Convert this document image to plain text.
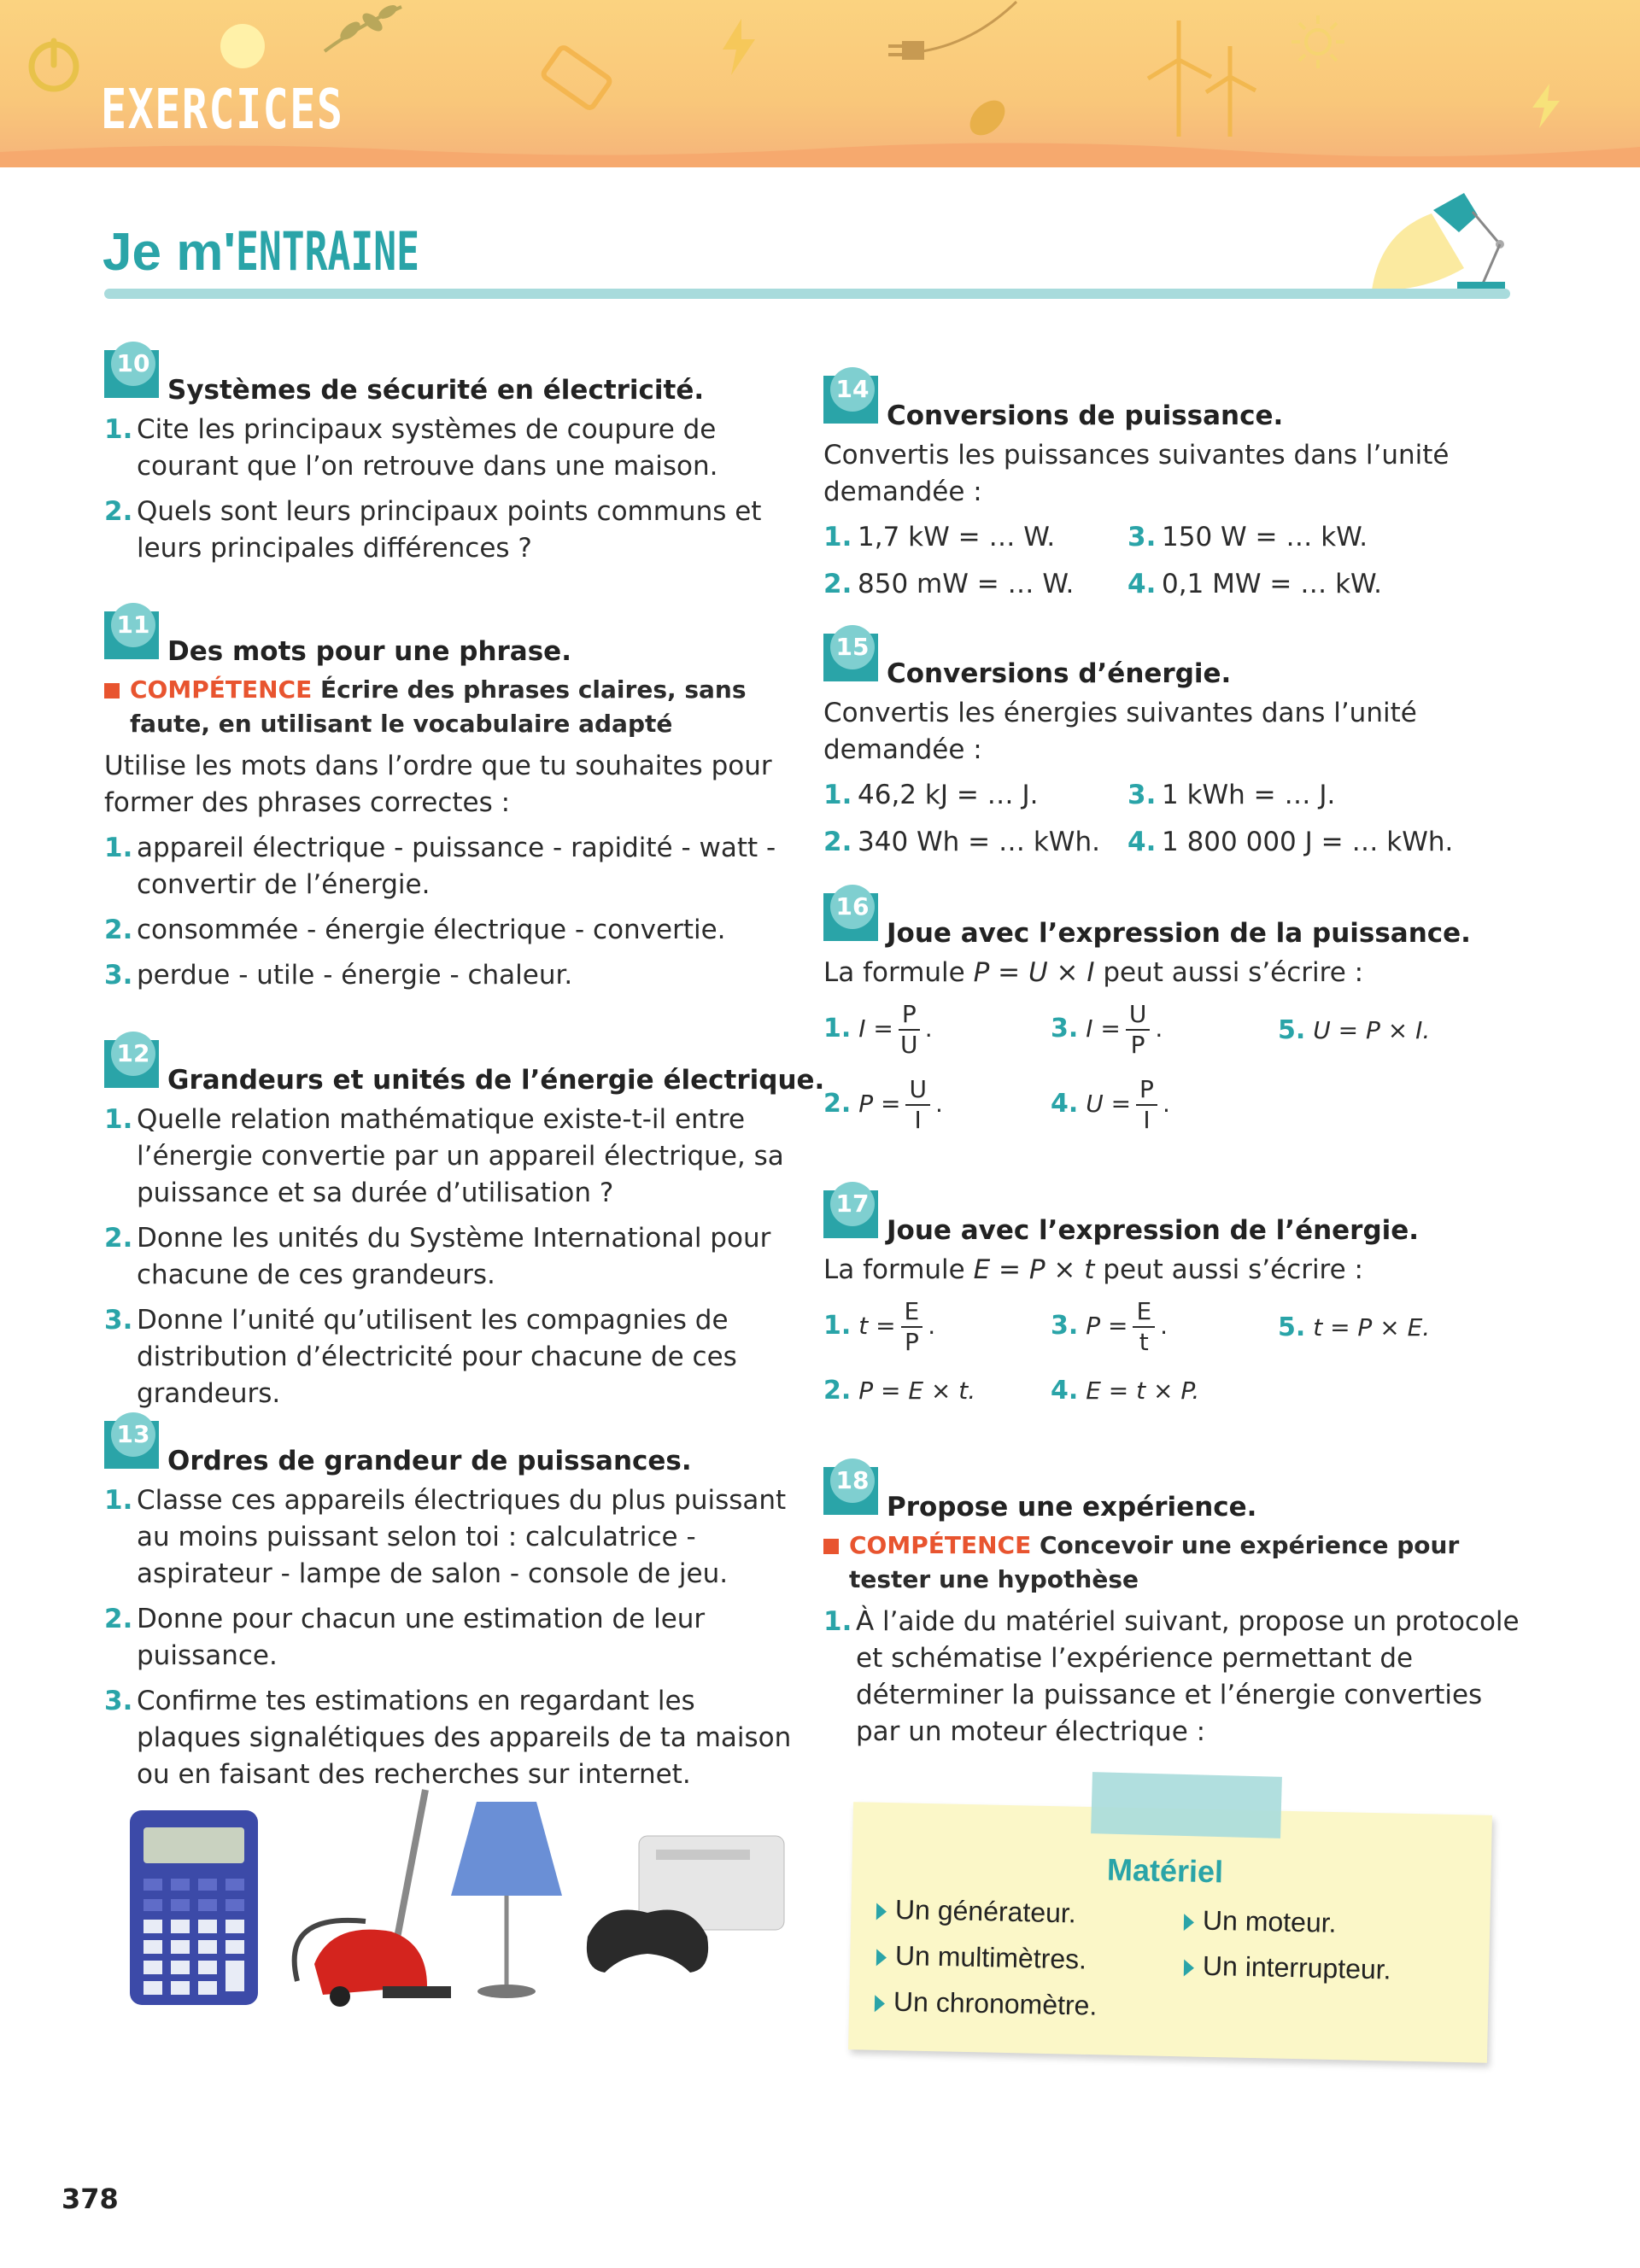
EXERCICES
Je m'ENTRAINE
10
Systèmes de sécurité en électricité.
1. Cite les principaux systèmes de coupure de courant que l’on retrouve dans une maison.
2. Quels sont leurs principaux points communs et leurs principales différences ?
11
Des mots pour une phrase.
COMPÉTENCE Écrire des phrases claires, sans faute, en utilisant le vocabulaire adapté

Utilise les mots dans l’ordre que tu souhaites pour former des phrases correctes :

1. appareil électrique - puissance - rapidité - watt - convertir de l’énergie.
2. consommée - énergie électrique - convertie.
3. perdue - utile - énergie - chaleur.
12
Grandeurs et unités de l’énergie électrique.
1. Quelle relation mathématique existe-t-il entre l’énergie convertie par un appareil électrique, sa puissance et sa durée d’utilisation ?
2. Donne les unités du Système International pour chacune de ces grandeurs.
3. Donne l’unité qu’utilisent les compagnies de distribution d’électricité pour chacune de ces grandeurs.
13
Ordres de grandeur de puissances.
1. Classe ces appareils électriques du plus puissant au moins puissant selon toi : calculatrice - aspirateur - lampe de salon - console de jeu.
2. Donne pour chacun une estimation de leur puissance.
3. Confirme tes estimations en regardant les plaques signalétiques des appareils de ta maison ou en faisant des recherches sur internet.
14
Conversions de puissance.

Convertis les puissances suivantes dans l’unité demandée :

1. 1,7 kW = … W.	3. 150 W = … kW.
2. 850 mW = … W.	4. 0,1 MW = … kW.
15
Conversions d’énergie.

Convertis les énergies suivantes dans l’unité demandée :

1. 46,2 kJ = … J.	3. 1 kWh = … J.
2. 340 Wh = … kWh.	4. 1 800 000 J = … kWh.
16
Joue avec l’expression de la puissance.

La formule P = U × I peut aussi s’écrire :

1. $I = \frac{P}{U}$ .	3. $I = \frac{U}{P}$ .	5. U = P × I.
2. $P = \frac{U}{I}$ .	4. $U = \frac{P}{I}$ .
17
Joue avec l’expression de l’énergie.

La formule E = P × t peut aussi s’écrire :

1. $t = \frac{E}{P}$ .	3. $P = \frac{E}{t}$ .	5. t = P × E.
2. P = E × t.	4. E = t × P.
18
Propose une expérience.
COMPÉTENCE Concevoir une expérience pour tester une hypothèse
1. À l’aide du matériel suivant, propose un protocole et schématise l’expérience permettant de déterminer la puissance et l’énergie converties par un moteur électrique :
Matériel
Un générateur.
Un multimètres.
Un chronomètre.
Un moteur.
Un interrupteur.
378
